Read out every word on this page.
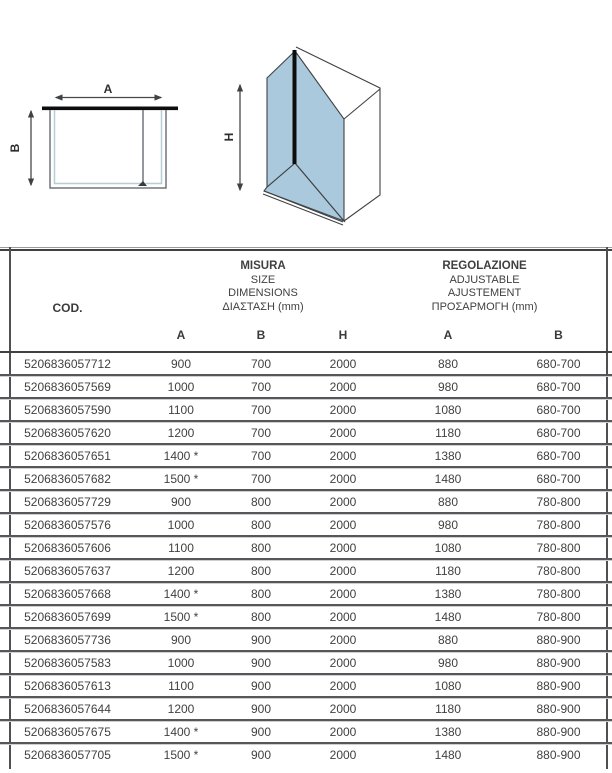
A
B
H
COD.
MISURA
SIZE
DIMENSIONS
ΔΙΑΣΤΑΣΗ (mm)
REGOLAZIONE
ADJUSTABLE
AJUSTEMENT
ΠΡΟΣΑΡΜΟΓΗ (mm)
A	B	H	A	B
5206836057712	900	700	2000	880	680-700
5206836057569	1000	700	2000	980	680-700
5206836057590	1100	700	2000	1080	680-700
5206836057620	1200	700	2000	1180	680-700
5206836057651	1400 *	700	2000	1380	680-700
5206836057682	1500 *	700	2000	1480	680-700
5206836057729	900	800	2000	880	780-800
5206836057576	1000	800	2000	980	780-800
5206836057606	1100	800	2000	1080	780-800
5206836057637	1200	800	2000	1180	780-800
5206836057668	1400 *	800	2000	1380	780-800
5206836057699	1500 *	800	2000	1480	780-800
5206836057736	900	900	2000	880	880-900
5206836057583	1000	900	2000	980	880-900
5206836057613	1100	900	2000	1080	880-900
5206836057644	1200	900	2000	1180	880-900
5206836057675	1400 *	900	2000	1380	880-900
5206836057705	1500 *	900	2000	1480	880-900
